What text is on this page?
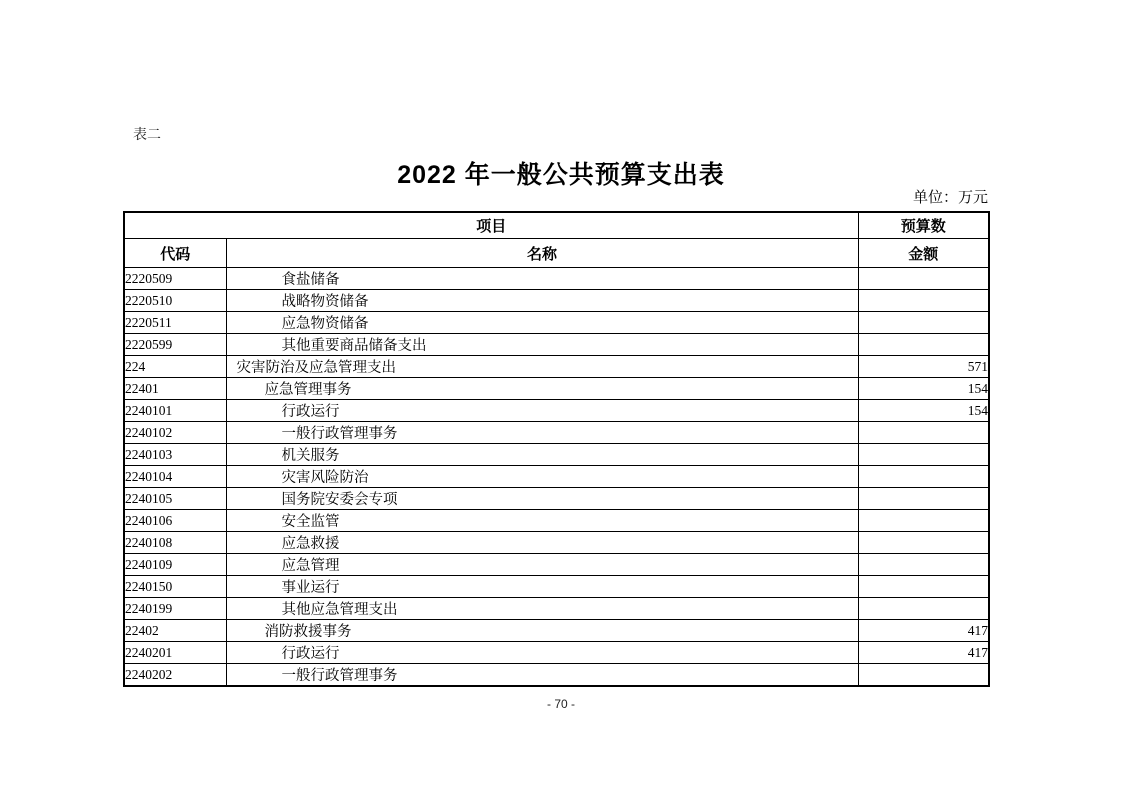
表二
2022 年一般公共预算支出表
单位：万元
项目		预算数
代码	名称	金额
2220509	食盐储备	
2220510	战略物资储备	
2220511	应急物资储备	
2220599	其他重要商品储备支出	
224	灾害防治及应急管理支出	571
22401	应急管理事务	154
2240101	行政运行	154
2240102	一般行政管理事务	
2240103	机关服务	
2240104	灾害风险防治	
2240105	国务院安委会专项	
2240106	安全监管	
2240108	应急救援	
2240109	应急管理	
2240150	事业运行	
2240199	其他应急管理支出	
22402	消防救援事务	417
2240201	行政运行	417
2240202	一般行政管理事务	
- 70 -
